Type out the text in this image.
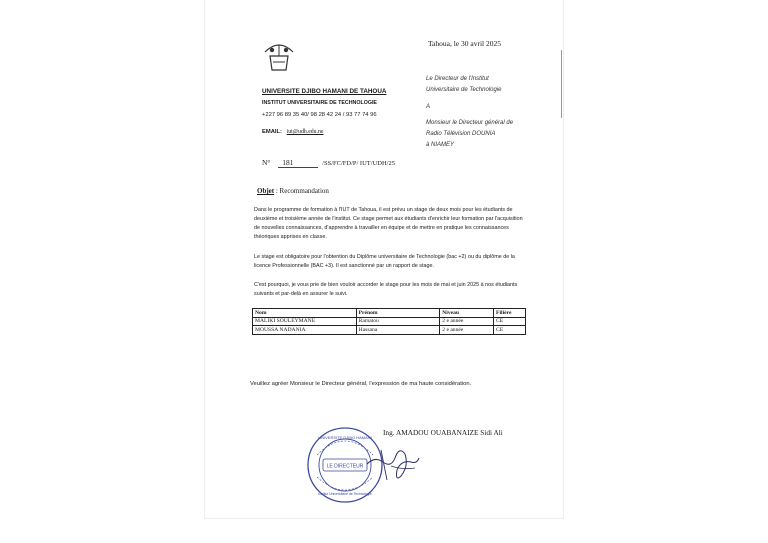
UNIVERSITE DJIBO HAMANI DE TAHOUA
INSTITUT UNIVERSITAIRE DE TECHNOLOGIE
+227 96 89 35 40/ 98 28 42 24 / 93 77 74 96
EMAIL: iut@udh.edu.ne
Tahoua, le 30 avril 2025
Le Directeur de l'Institut
Universitaire de Technologie
A
Monsieur le Directeur général de
Radio Télévision DOUNIA
à NIAMEY
N° 181	/SS/FC/FD/P/ IUT/UDH/25
Objet : Recommandation
Dans le programme de formation à l'IUT de Tahoua, il est prévu un stage de deux mois pour les étudiants de deuxième et troisième année de l'institut. Ce stage permet aux étudiants d'enrichir leur formation par l'acquisition de nouvelles connaissances, d'apprendre à travailler en équipe et de mettre en pratique les connaissances théoriques apprises en classe.
Le stage est obligatoire pour l'obtention du Diplôme universitaire de Technologie (bac +2) ou du diplôme de la licence Professionnelle (BAC +3). Il est sanctionné par un rapport de stage.
C'est pourquoi, je vous prie de bien vouloir accorder le stage pour les mois de mai et juin 2025 à nos étudiants suivants et par-delà en assurer le suivi.
Nom	Prénom	Niveau	Filière
MALIKI SOULEYMANE	Ramatou	2 e année	CE
MOUSSA NADANIA	Hassana	2 e année	CE
Veuillez agréer Monsieur le Directeur général, l'expression de ma haute considération.
LE DIRECTEUR
UNIVERSITE DJIBO HAMANI
Institut Universitaire de Technologie
Ing. AMADOU OUABANAIZE Sidi Ali
